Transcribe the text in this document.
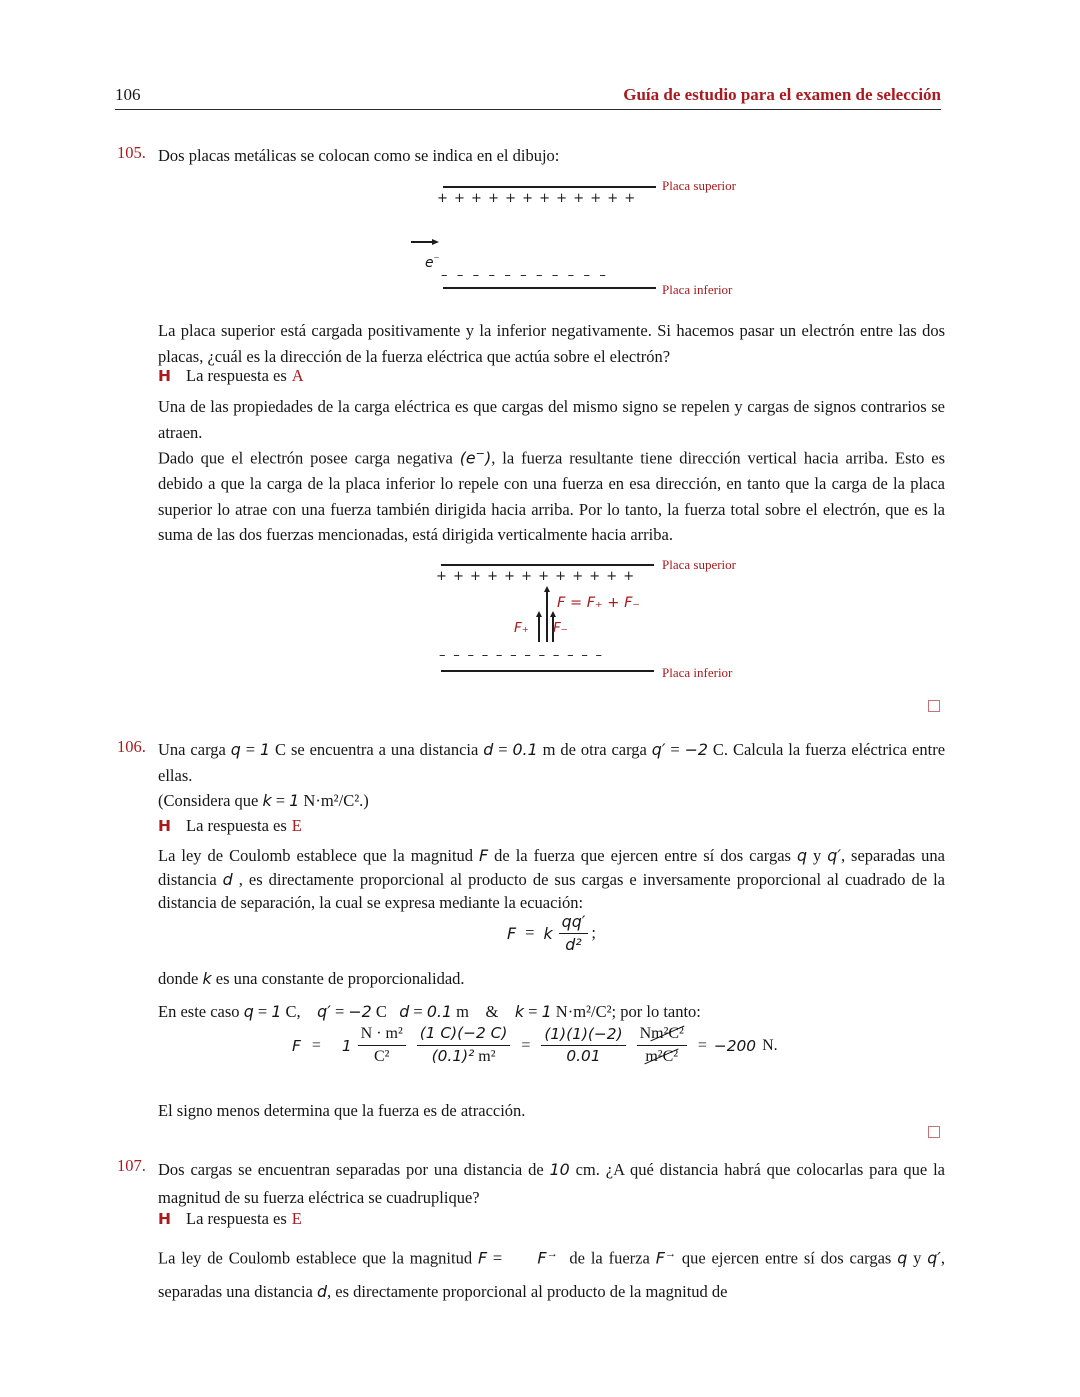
106	Guía de estudio para el examen de selección
105. Dos placas metálicas se colocan como se indica en el dibujo:
Placa superior
+ + + + + + + + + + + +
e−
– – – – – – – – – – –
Placa inferior
La placa superior está cargada positivamente y la inferior negativamente. Si hacemos pasar un electrón entre las dos placas, ¿cuál es la dirección de la fuerza eléctrica que actúa sobre el electrón?
H La respuesta es A
Una de las propiedades de la carga eléctrica es que cargas del mismo signo se repelen y cargas de signos contrarios se atraen.
Dado que el electrón posee carga negativa (e−), la fuerza resultante tiene dirección vertical hacia arriba. Esto es debido a que la carga de la placa inferior lo repele con una fuerza en esa dirección, en tanto que la carga de la placa superior lo atrae con una fuerza también dirigida hacia arriba. Por lo tanto, la fuerza total sobre el electrón, que es la suma de las dos fuerzas mencionadas, está dirigida verticalmente hacia arriba.
Placa superior
+ + + + + + + + + + + +
F = F₊ + F₋
F₊ F₋
– – – – – – – – – – – –
Placa inferior
106. Una carga q = 1 C se encuentra a una distancia d = 0.1 m de otra carga q′ = −2 C. Calcula la fuerza eléctrica entre ellas.
(Considera que k = 1 N·m²/C².)
H La respuesta es E
La ley de Coulomb establece que la magnitud F de la fuerza que ejercen entre sí dos cargas q y q′, separadas una distancia d , es directamente proporcional al producto de sus cargas e inversamente proporcional al cuadrado de la distancia de separación, la cual se expresa mediante la ecuación:
F = k $\frac{qq'}{\text{d²}}$ ;
donde k es una constante de proporcionalidad.
En este caso q = 1 C, q′ = −2 C d = 0.1 m    &    k = 1 N·m²/C²; por lo tanto:
$F = 1 \frac{\text{N · m²}}{\text{C²}} \frac{(1 C)(-2 C)}{\text{(0.1)² m²}} = \frac{(1)(1)(-2)}{0.01} \frac{\text{Nm²C²}}{\text{m²C²}} = -200$ N.
El signo menos determina que la fuerza es de atracción.
107. Dos cargas se encuentran separadas por una distancia de 10 cm. ¿A qué distancia habrá que colocarlas para que la magnitud de su fuerza eléctrica se cuadruplique?
H La respuesta es E
La ley de Coulomb establece que la magnitud F = F→  de la fuerza F→ que ejercen entre sí dos cargas q y q′, separadas una distancia d, es directamente proporcional al producto de la magnitud de
